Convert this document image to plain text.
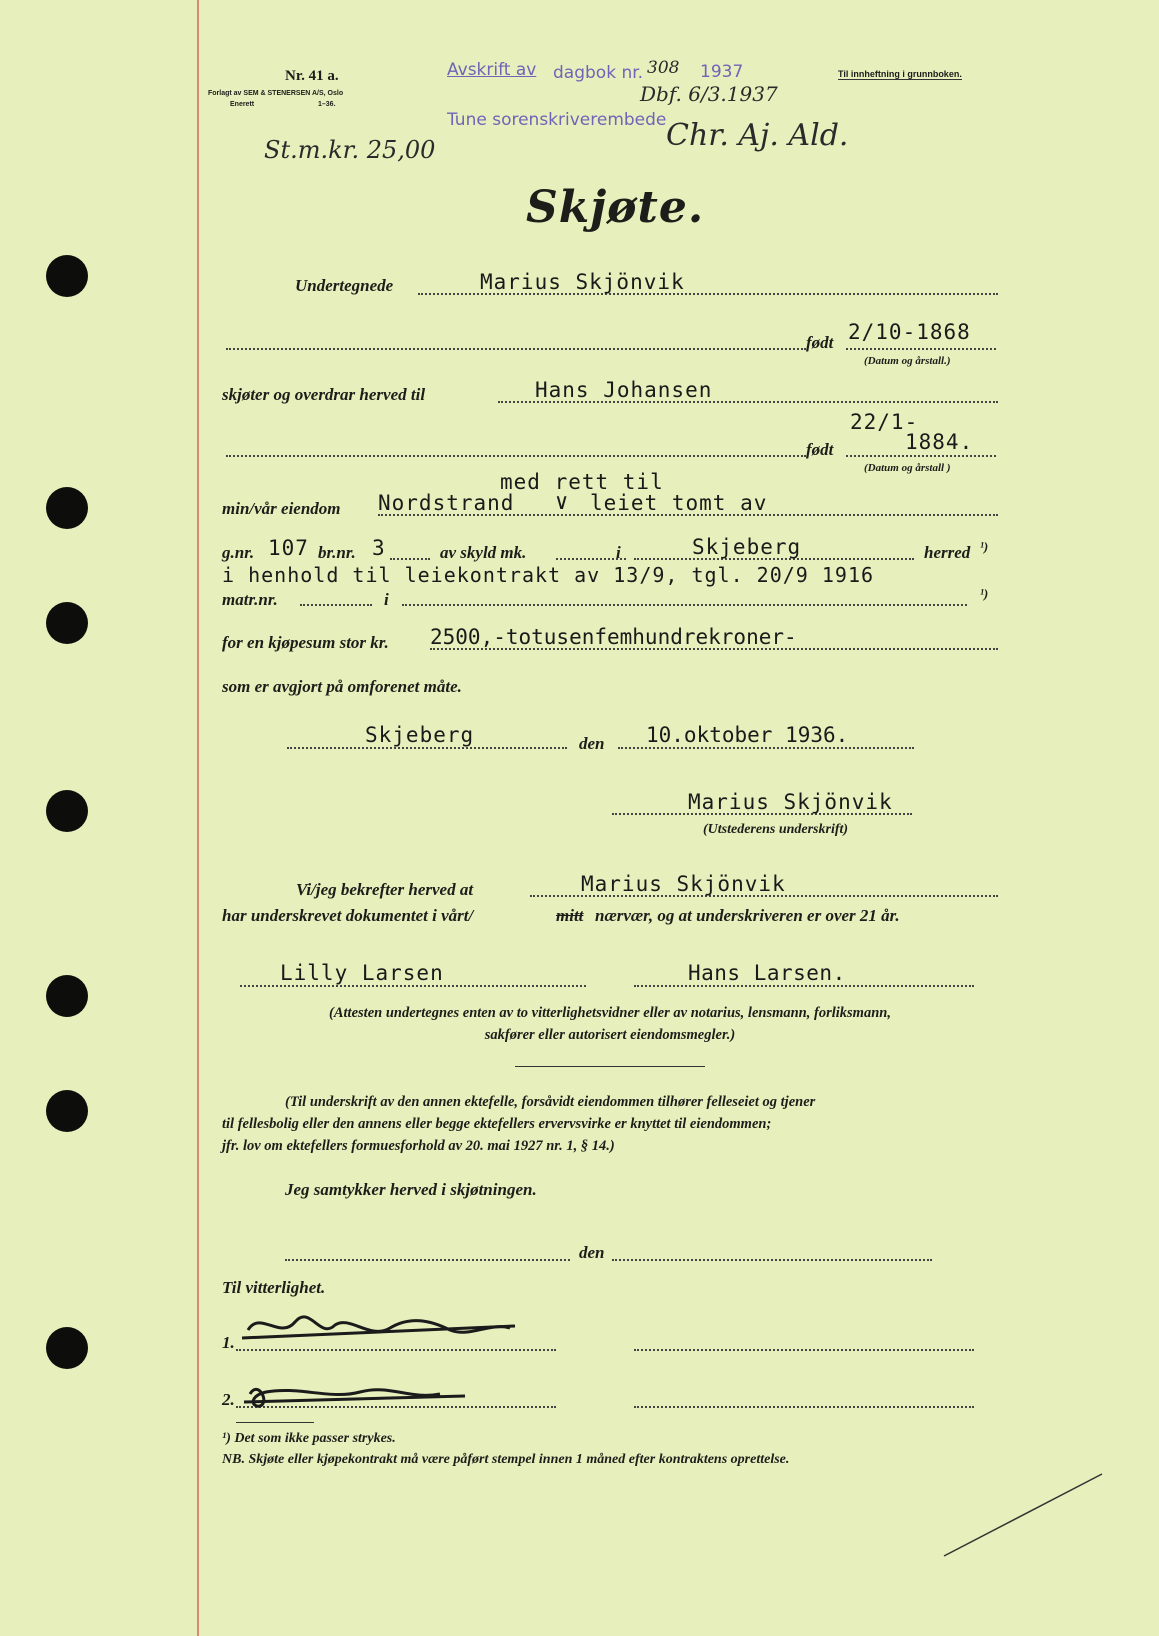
Nr. 41 a.
Forlagt av SEM & STENERSEN A/S, Oslo
Enerett	1–36.
Til innheftning i grunnboken.
Avskrift av dagbok nr. 308 1937
Tune sorenskriverembede
Dbf. 6/3.1937
St.m.kr. 25,00	Chr. Aj. Ald.
Skjøte.
Undertegnede	Marius Skjönvik
født 2/10-1868
(Datum og årstall.)
skjøter og overdrar herved til	Hans Johansen
22/1-
født	1884.
(Datum og årstall )
med rett til
min/vår eiendom Nordstrand ∨ leiet tomt av
g.nr. 107 br.nr. 3	av skyld mk.	i	Skjeberg	herred ¹)
i henhold til leiekontrakt av 13/9, tgl. 20/9 1916
matr.nr.	i	¹)
for en kjøpesum stor kr. 2500,-totusenfemhundrekroner-
som er avgjort på omforenet måte.
Skjeberg	den 10.oktober 1936.
Marius Skjönvik
(Utstederens underskrift)
Vi/jeg bekrefter herved at	Marius Skjönvik
har underskrevet dokumentet i vårt/	mitt nærvær, og at underskriveren er over 21 år.
Lilly Larsen	Hans Larsen.
(Attesten undertegnes enten av to vitterlighetsvidner eller av notarius, lensmann, forliksmann,
sakfører eller autorisert eiendomsmegler.)
(Til underskrift av den annen ektefelle, forsåvidt eiendommen tilhører felleseiet og tjener
til fellesbolig eller den annens eller begge ektefellers ervervsvirke er knyttet til eiendommen;
jfr. lov om ektefellers formuesforhold av 20. mai 1927 nr. 1, § 14.)
Jeg samtykker herved i skjøtningen.
den
Til vitterlighet.
1.
2.
¹) Det som ikke passer strykes.
NB. Skjøte eller kjøpekontrakt må være påført stempel innen 1 måned efter kontraktens oprettelse.
